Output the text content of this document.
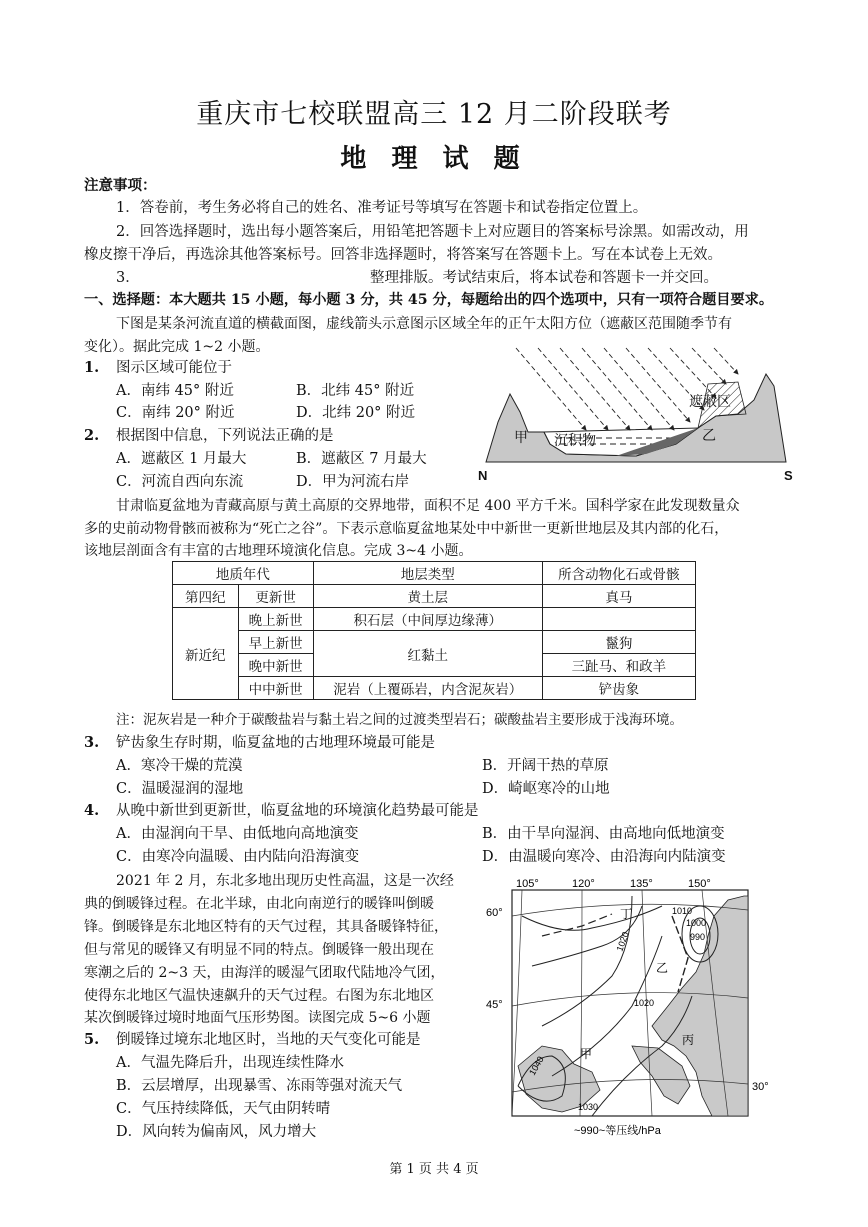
重庆市七校联盟高三 12 月二阶段联考
地 理 试 题
注意事项：
1．答卷前，考生务必将自己的姓名、准考证号等填写在答题卡和试卷指定位置上。
2．回答选择题时，选出每小题答案后，用铅笔把答题卡上对应题目的答案标号涂黑。如需改动，用
橡皮擦干净后，再选涂其他答案标号。回答非选择题时，将答案写在答题卡上。写在本试卷上无效。
3．	整理排版。考试结束后，将本试卷和答题卡一并交回。
一、选择题：本大题共 15 小题，每小题 3 分，共 45 分，每题给出的四个选项中，只有一项符合题目要求。
下图是某条河流直道的横截面图，虚线箭头示意图示区域全年的正午太阳方位（遮蔽区范围随季节有
变化）。据此完成 1~2 小题。
1. 图示区域可能位于
A．南纬 45° 附近	B．北纬 45° 附近
C．南纬 20° 附近	D．北纬 20° 附近
2. 根据图中信息，下列说法正确的是
A．遮蔽区 1 月最大	B．遮蔽区 7 月最大
C．河流自西向东流	D．甲为河流右岸
遮蔽区
甲 沉积物	乙
N	S
甘肃临夏盆地为青藏高原与黄土高原的交界地带，面积不足 400 平方千米。国科学家在此发现数量众
多的史前动物骨骸而被称为“死亡之谷”。下表示意临夏盆地某处中中新世一更新世地层及其内部的化石，
该地层剖面含有丰富的古地理环境演化信息。完成 3~4 小题。
地质年代		地层类型	所含动物化石或骨骸
第四纪	更新世	黄土层	真马
新近纪	晚上新世	积石层（中间厚边缘薄）	
	早上新世	红黏土	鬣狗
	晚中新世		三趾马、和政羊
	中中新世	泥岩（上覆砾岩，内含泥灰岩）	铲齿象
注：泥灰岩是一种介于碳酸盐岩与黏土岩之间的过渡类型岩石；碳酸盐岩主要形成于浅海环境。
3. 铲齿象生存时期，临夏盆地的古地理环境最可能是
A．寒冷干燥的荒漠	B．开阔干热的草原
C．温暖湿润的湿地	D．崎岖寒冷的山地
4. 从晚中新世到更新世，临夏盆地的环境演化趋势最可能是
A．由湿润向干旱、由低地向高地演变	B．由干旱向湿润、由高地向低地演变
C．由寒冷向温暖、由内陆向沿海演变	D．由温暖向寒冷、由沿海向内陆演变
2021 年 2 月，东北多地出现历史性高温，这是一次经
典的倒暖锋过程。在北半球，由北向南逆行的暖锋叫倒暖
锋。倒暖锋是东北地区特有的天气过程，其具备暖锋特征，
但与常见的暖锋又有明显不同的特点。倒暖锋一般出现在
寒潮之后的 2~3 天，由海洋的暖湿气团取代陆地冷气团，
使得东北地区气温快速飙升的天气过程。右图为东北地区
某次倒暖锋过境时地面气压形势图。读图完成 5~6 小题
5. 倒暖锋过境东北地区时，当地的天气变化可能是
A．气温先降后升，出现连续性降水
B．云层增厚，出现暴雪、冻雨等强对流天气
C．气压持续降低，天气由阴转晴
D．风向转为偏南风，风力增大
105°	120°	135°	150°
60°
45°
30°
1020
1010
1000
990
1040
1030
1020
丁
丙
乙
甲
~990~等压线/hPa
第 1 页 共 4 页
